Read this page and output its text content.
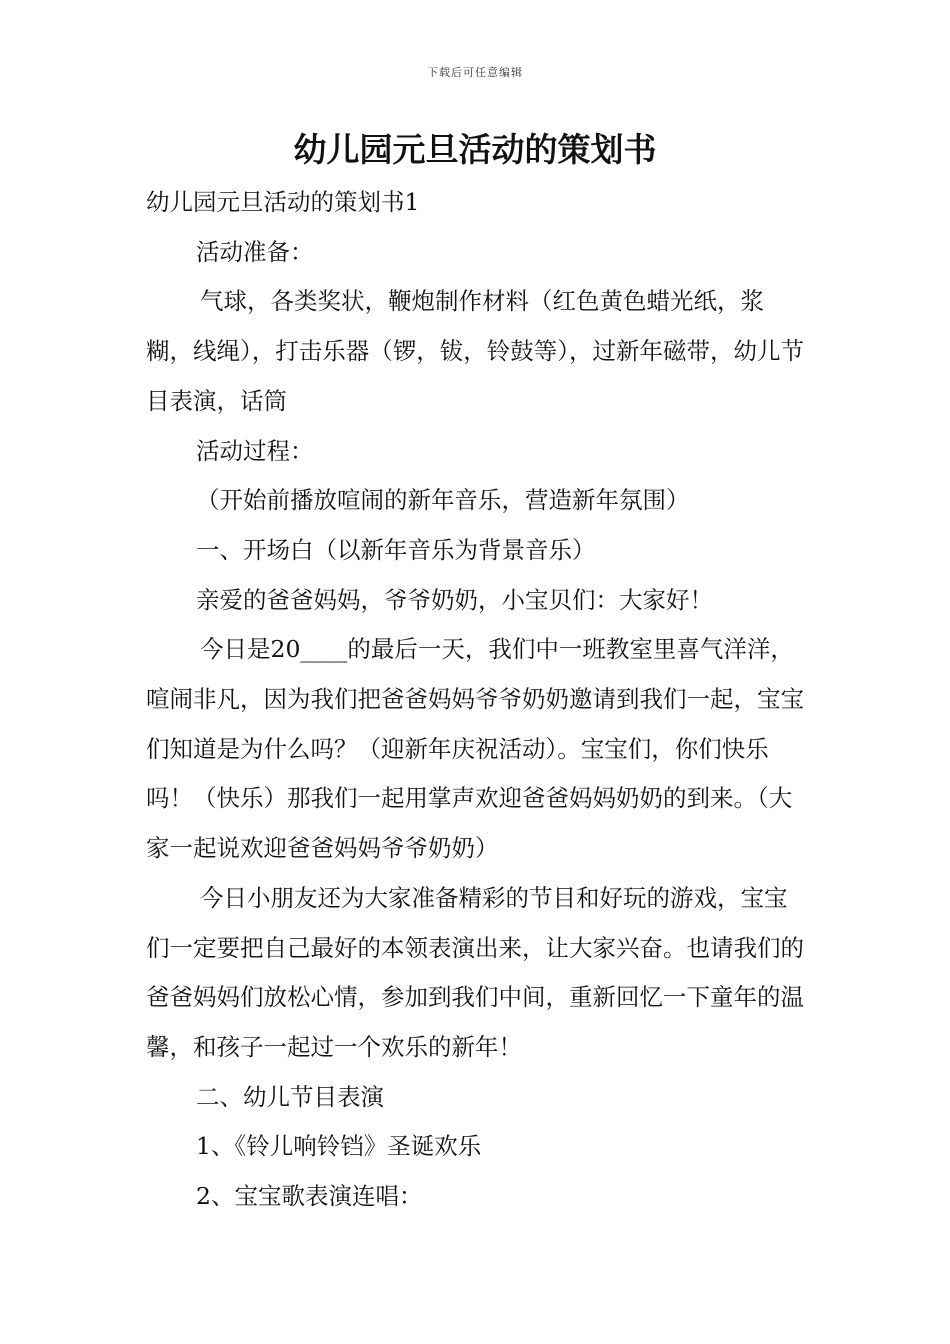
下载后可任意编辑
幼儿园元旦活动的策划书

幼儿园元旦活动的策划书1

活动准备：

气球，各类奖状，鞭炮制作材料（红色黄色蜡光纸，浆糊，线绳），打击乐器（锣，钹，铃鼓等），过新年磁带，幼儿节目表演，话筒

活动过程：

（开始前播放喧闹的新年音乐，营造新年氛围）

一、开场白（以新年音乐为背景音乐）

亲爱的爸爸妈妈，爷爷奶奶，小宝贝们：大家好！

今日是20____的最后一天，我们中一班教室里喜气洋洋，喧闹非凡，因为我们把爸爸妈妈爷爷奶奶邀请到我们一起，宝宝们知道是为什么吗？（迎新年庆祝活动）。宝宝们，你们快乐吗！（快乐）那我们一起用掌声欢迎爸爸妈妈奶奶的到来。（大家一起说欢迎爸爸妈妈爷爷奶奶）

今日小朋友还为大家准备精彩的节目和好玩的游戏，宝宝们一定要把自己最好的本领表演出来，让大家兴奋。也请我们的爸爸妈妈们放松心情，参加到我们中间，重新回忆一下童年的温馨，和孩子一起过一个欢乐的新年！

二、幼儿节目表演

1、《铃儿响铃铛》圣诞欢乐

2、宝宝歌表演连唱：
